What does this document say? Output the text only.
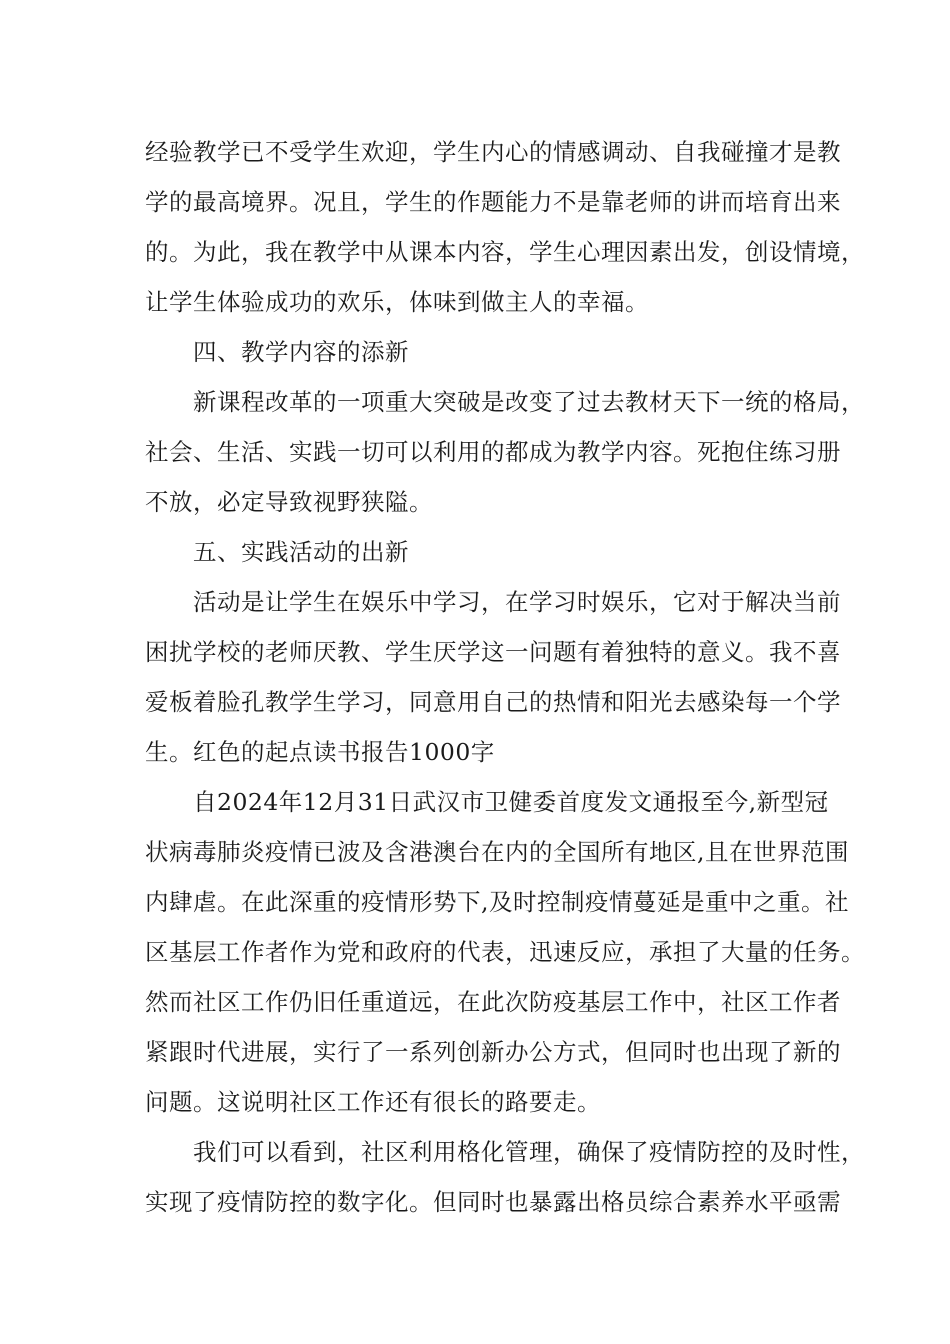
经验教学已不受学生欢迎，学生内心的情感调动、自我碰撞才是教
学的最高境界。况且，学生的作题能力不是靠老师的讲而培育出来
的。为此，我在教学中从课本内容，学生心理因素出发，创设情境，
让学生体验成功的欢乐，体味到做主人的幸福。
四、教学内容的添新
新课程改革的一项重大突破是改变了过去教材天下一统的格局，
社会、生活、实践一切可以利用的都成为教学内容。死抱住练习册
不放，必定导致视野狭隘。
五、实践活动的出新
活动是让学生在娱乐中学习，在学习时娱乐，它对于解决当前
困扰学校的老师厌教、学生厌学这一问题有着独特的意义。我不喜
爱板着脸孔教学生学习，同意用自己的热情和阳光去感染每一个学
生。红色的起点读书报告1000字
自2024年12月31日武汉市卫健委首度发文通报至今,新型冠
状病毒肺炎疫情已波及含港澳台在内的全国所有地区,且在世界范围
内肆虐。在此深重的疫情形势下,及时控制疫情蔓延是重中之重。社
区基层工作者作为党和政府的代表，迅速反应，承担了大量的任务。
然而社区工作仍旧任重道远，在此次防疫基层工作中，社区工作者
紧跟时代进展，实行了一系列创新办公方式，但同时也出现了新的
问题。这说明社区工作还有很长的路要走。
我们可以看到，社区利用格化管理，确保了疫情防控的及时性，
实现了疫情防控的数字化。但同时也暴露出格员综合素养水平亟需
